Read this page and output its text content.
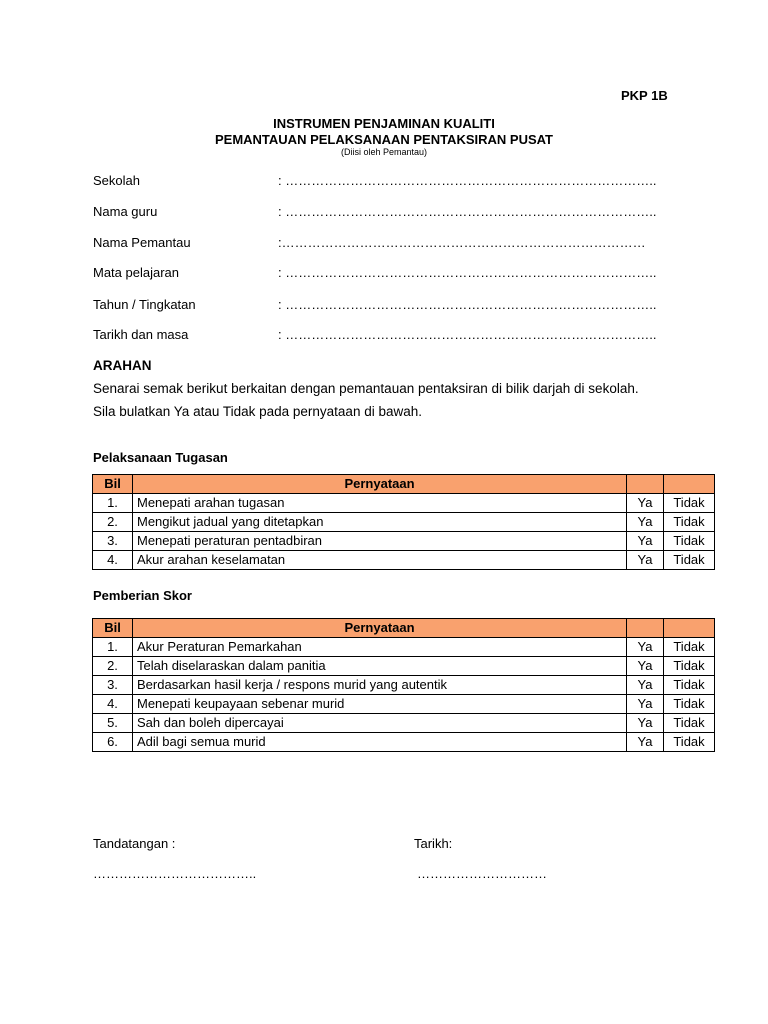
PKP 1B
INSTRUMEN PENJAMINAN KUALITI
PEMANTAUAN PELAKSANAAN PENTAKSIRAN PUSAT
(Diisi oleh Pemantau)
Sekolah	: …………………………………………………………………………..
Nama guru	: …………………………………………………………………………..
Nama Pemantau	:…………………………………………………………………………
Mata pelajaran	: …………………………………………………………………………..
Tahun / Tingkatan	: …………………………………………………………………………..
Tarikh dan masa	: …………………………………………………………………………..
ARAHAN
Senarai semak berikut berkaitan dengan pemantauan pentaksiran di bilik darjah di sekolah.
Sila bulatkan Ya atau Tidak pada pernyataan di bawah.
Pelaksanaan Tugasan
Bil	Pernyataan		
1.	Menepati arahan tugasan	Ya	Tidak
2.	Mengikut jadual yang ditetapkan	Ya	Tidak
3.	Menepati peraturan pentadbiran	Ya	Tidak
4.	Akur arahan keselamatan	Ya	Tidak
Pemberian Skor
Bil	Pernyataan		
1.	Akur Peraturan Pemarkahan	Ya	Tidak
2.	Telah diselaraskan dalam panitia	Ya	Tidak
3.	Berdasarkan hasil kerja / respons murid yang autentik	Ya	Tidak
4.	Menepati keupayaan sebenar murid	Ya	Tidak
5.	Sah dan boleh dipercayai	Ya	Tidak
6.	Adil bagi semua murid	Ya	Tidak
Tandatangan :	Tarikh:
………………………………..	…………………………
